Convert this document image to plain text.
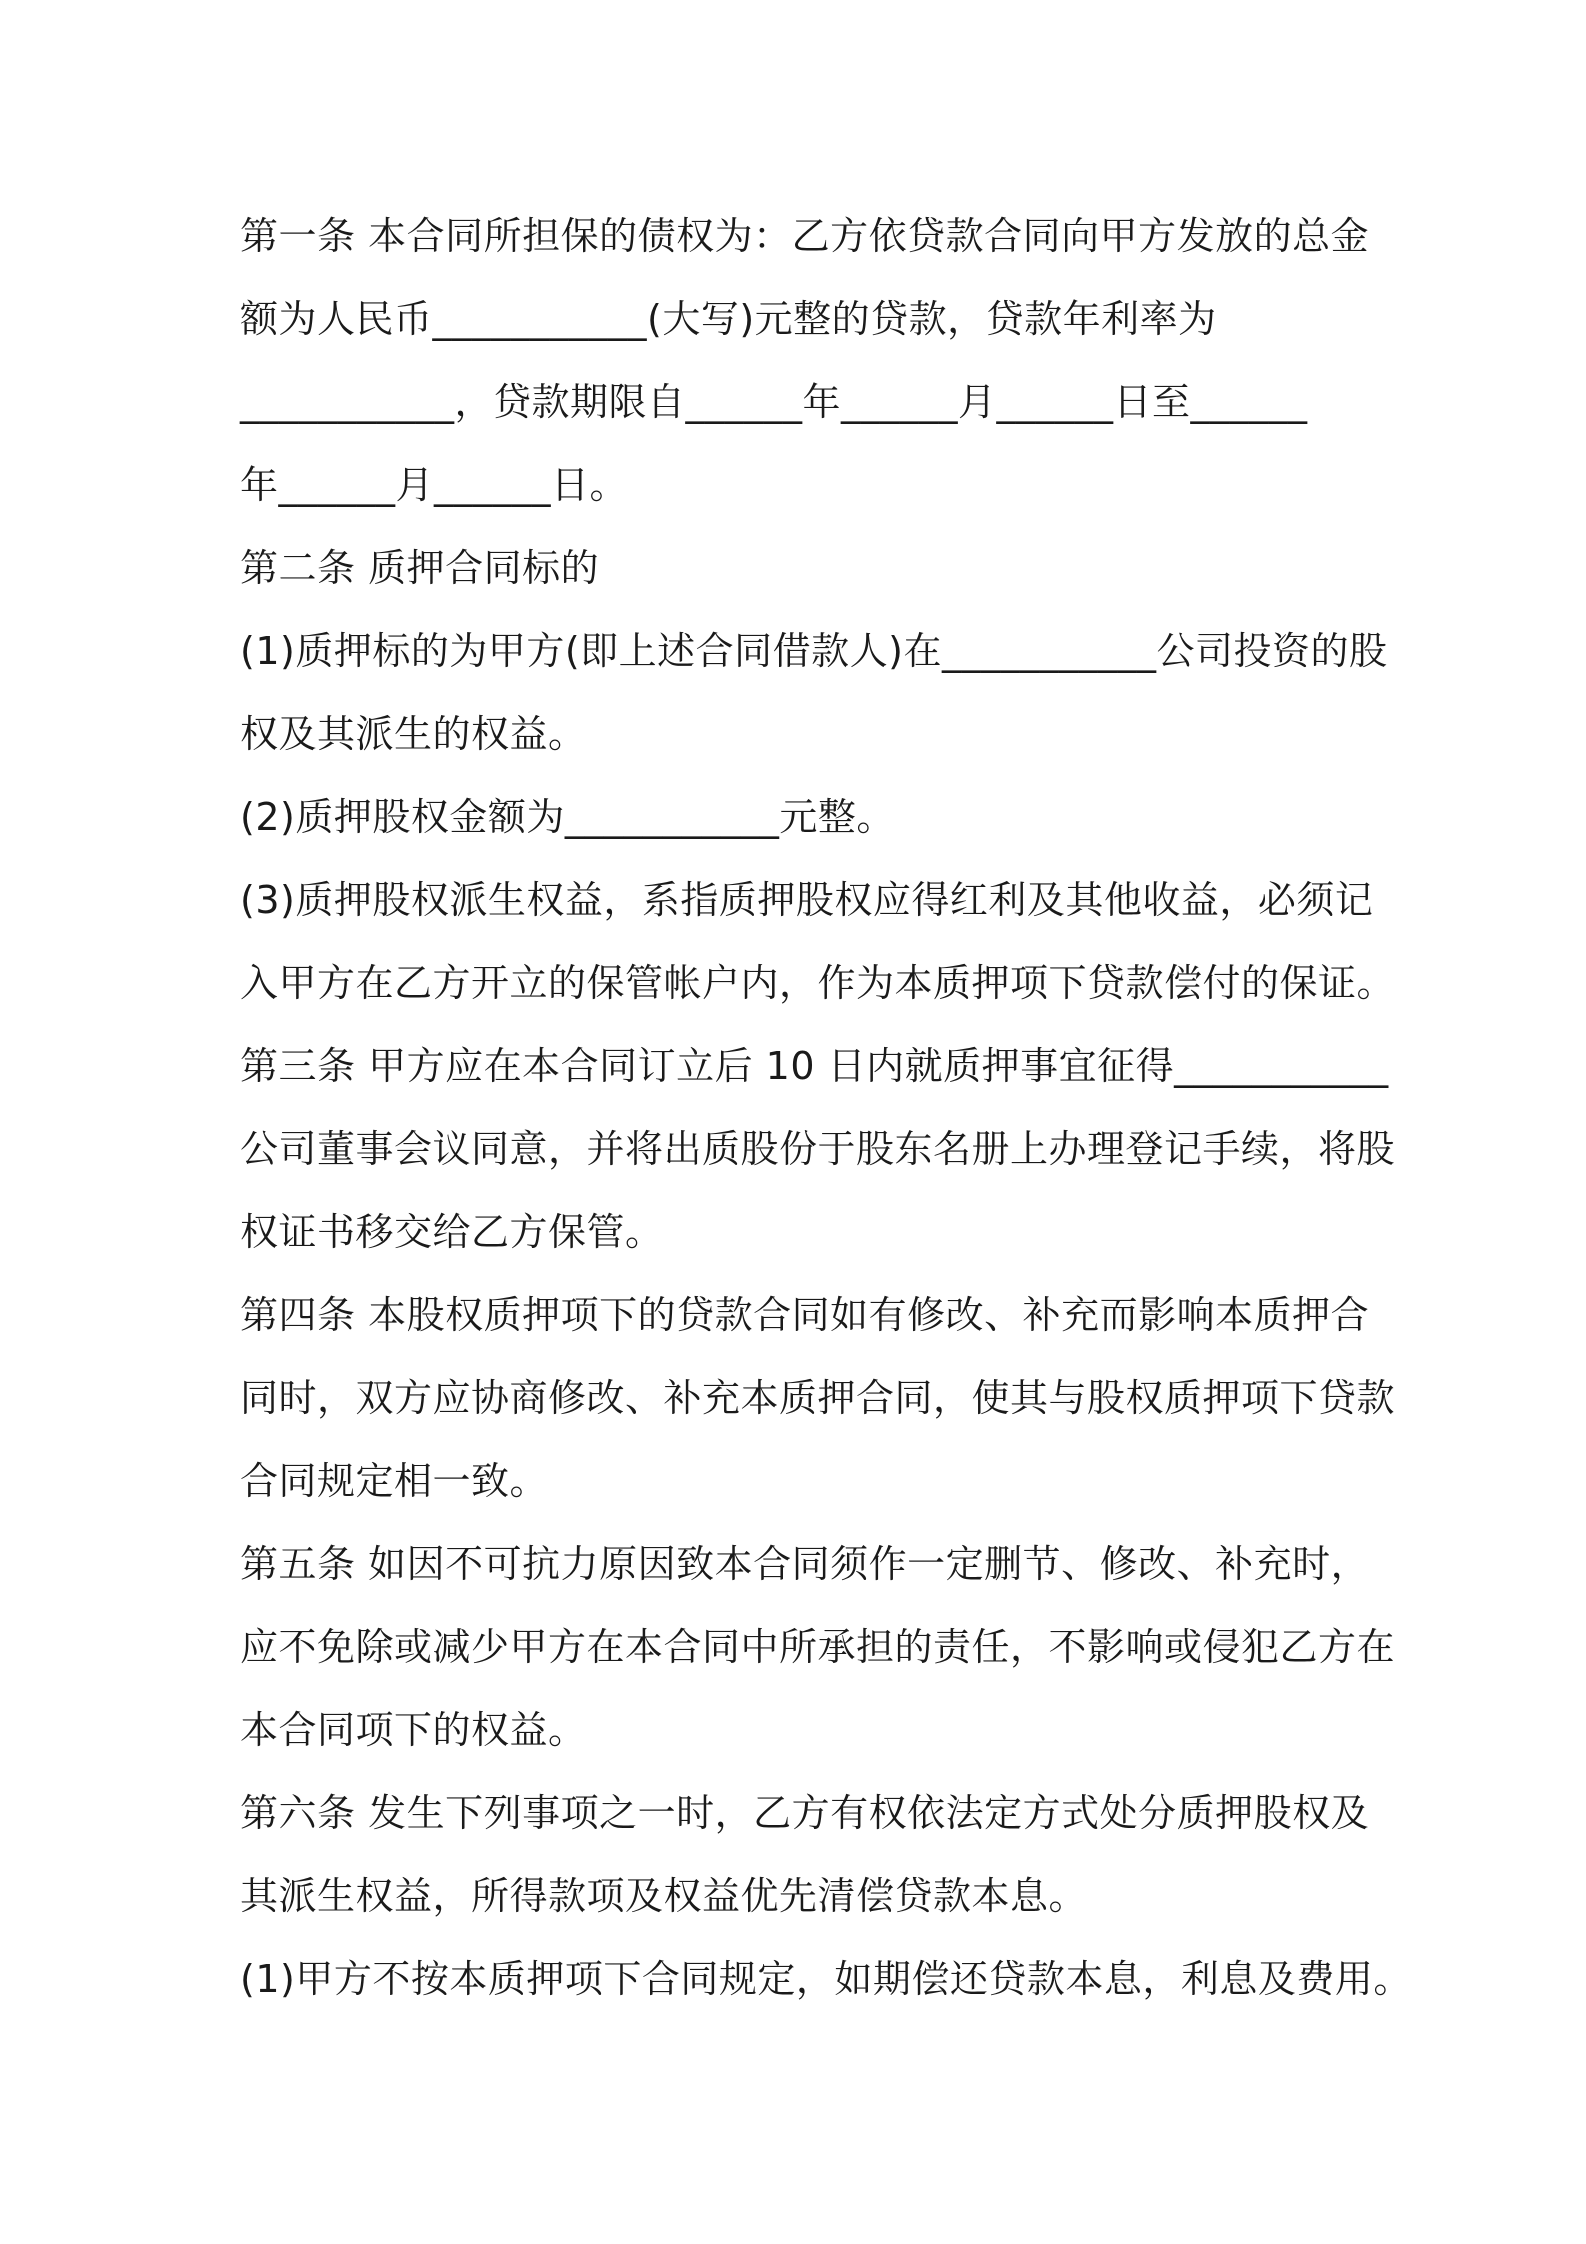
第一条 本合同所担保的债权为：乙方依贷款合同向甲方发放的总金
额为人民币___________(大写)元整的贷款，贷款年利率为
___________，贷款期限自______年______月______日至______
年______月______日。
第二条 质押合同标的
(1)质押标的为甲方(即上述合同借款人)在___________公司投资的股
权及其派生的权益。
(2)质押股权金额为___________元整。
(3)质押股权派生权益，系指质押股权应得红利及其他收益，必须记
入甲方在乙方开立的保管帐户内，作为本质押项下贷款偿付的保证。
第三条 甲方应在本合同订立后 10 日内就质押事宜征得___________
公司董事会议同意，并将出质股份于股东名册上办理登记手续，将股
权证书移交给乙方保管。
第四条 本股权质押项下的贷款合同如有修改、补充而影响本质押合
同时，双方应协商修改、补充本质押合同，使其与股权质押项下贷款
合同规定相一致。
第五条 如因不可抗力原因致本合同须作一定删节、修改、补充时，
应不免除或减少甲方在本合同中所承担的责任，不影响或侵犯乙方在
本合同项下的权益。
第六条 发生下列事项之一时，乙方有权依法定方式处分质押股权及
其派生权益，所得款项及权益优先清偿贷款本息。
(1)甲方不按本质押项下合同规定，如期偿还贷款本息，利息及费用。
